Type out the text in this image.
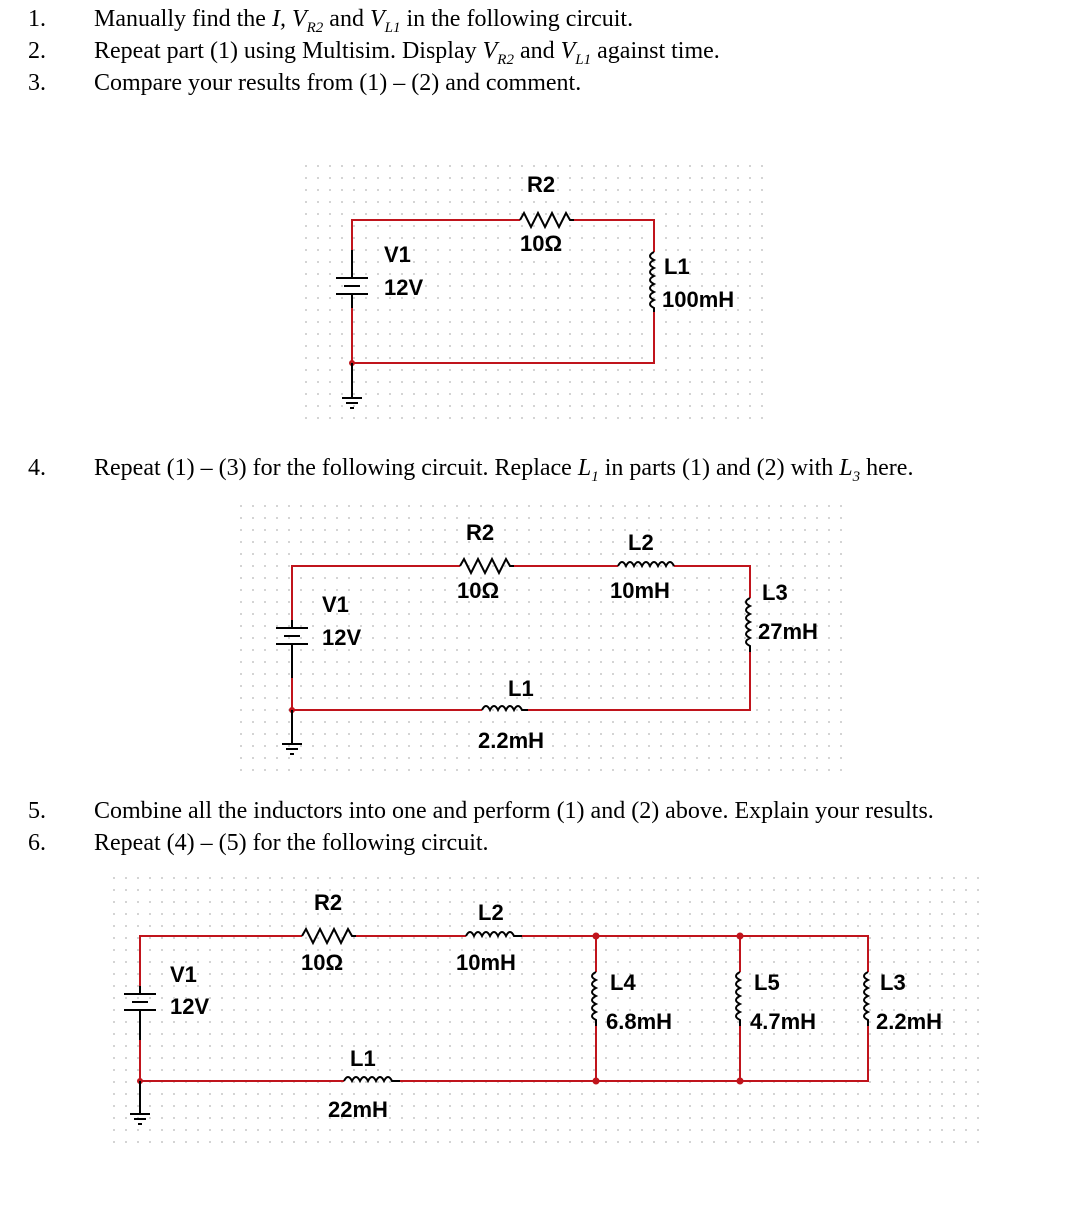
1. Manually find the I, $V_{R2}$ and $V_{L1}$ in the following circuit.
2. Repeat part (1) using Multisim. Display $V_{R2}$ and $V_{L1}$ against time.
3. Compare your results from (1) – (2) and comment.
R2
10Ω
V1
12V
L1
100mH
4. Repeat (1) – (3) for the following circuit. Replace $L_1$ in parts (1) and (2) with $L_3$ here.
R2
10Ω
L2
10mH	L3
27mH
V1
12V
L1
2.2mH
5. Combine all the inductors into one and perform (1) and (2) above. Explain your results.
6. Repeat (4) – (5) for the following circuit.
R2
10Ω
L2
10mH
V1
12V
L4
6.8mH
L5
4.7mH
L3
2.2mH
L1
22mH
